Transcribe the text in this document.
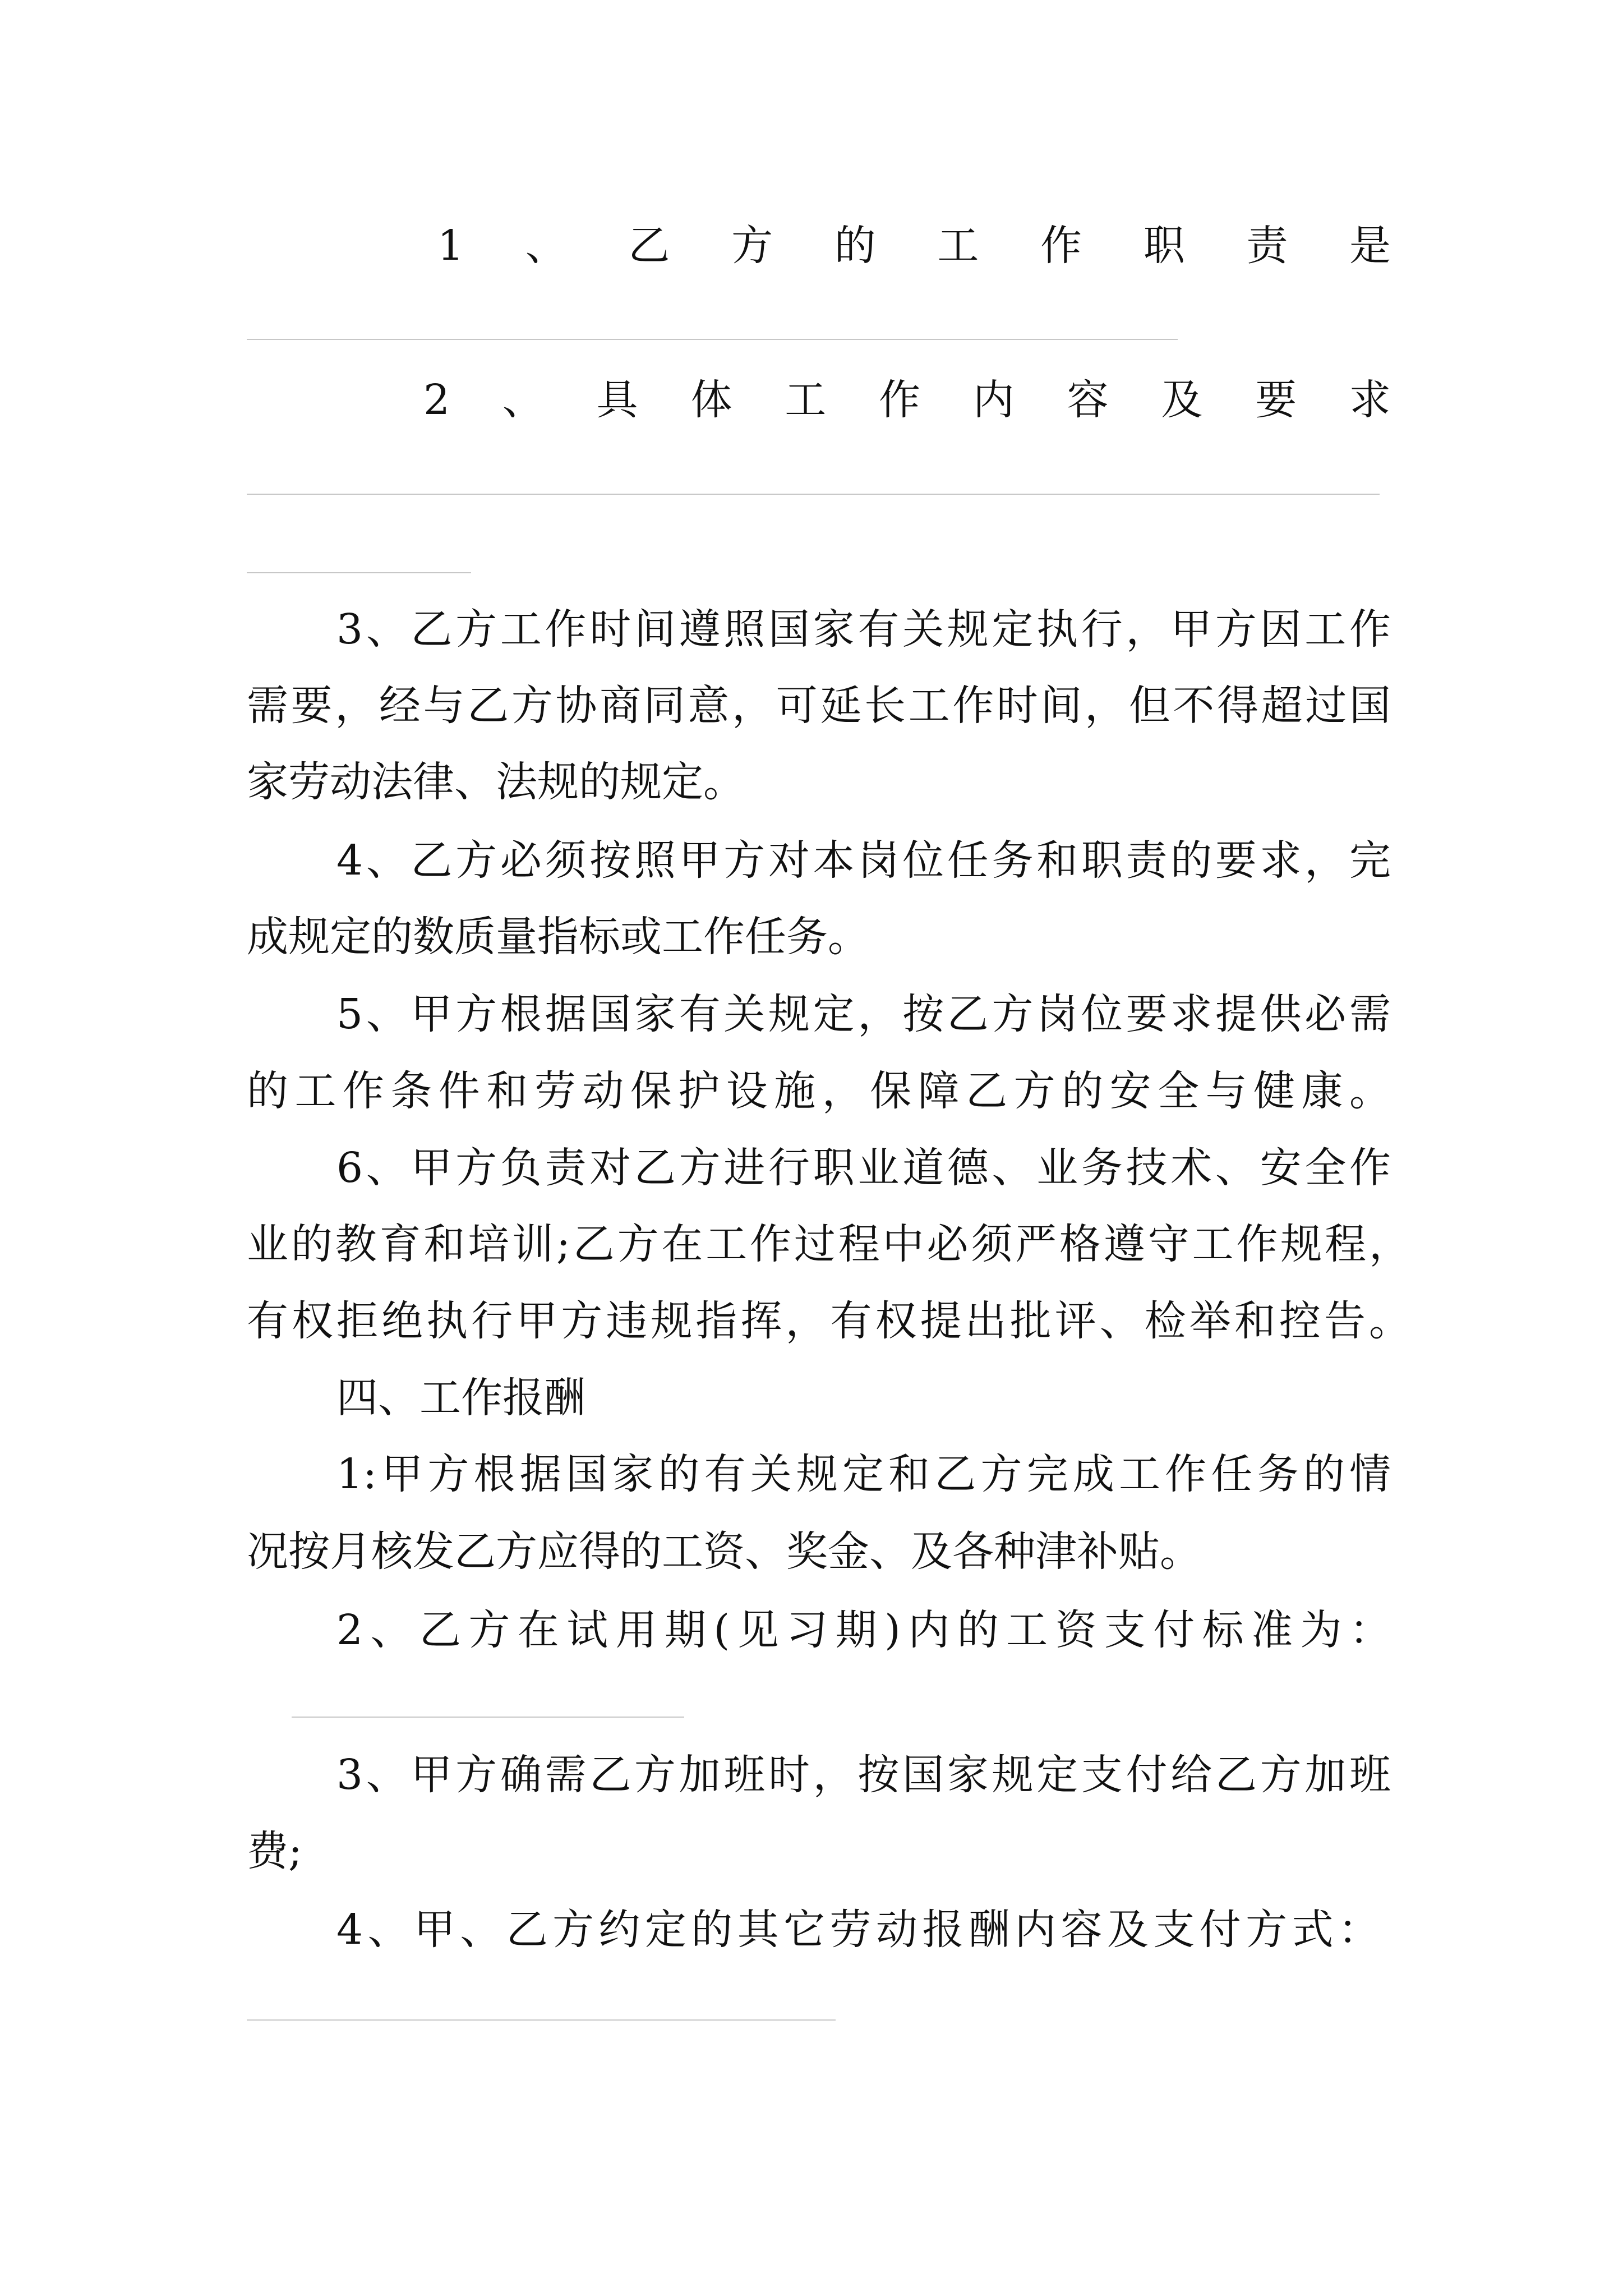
1 、 乙 方 的 工 作 职 责 是
2 、 具 体 工 作 内 容 及 要 求
3、乙方工作时间遵照国家有关规定执行，甲方因工作
需要，经与乙方协商同意，可延长工作时间，但不得超过国
家劳动法律、法规的规定。
4、乙方必须按照甲方对本岗位任务和职责的要求，完
成规定的数质量指标或工作任务。
5、甲方根据国家有关规定，按乙方岗位要求提供必需
的工作条件和劳动保护设施，保障乙方的安全与健康。
6、甲方负责对乙方进行职业道德、业务技术、安全作
业的教育和培训;乙方在工作过程中必须严格遵守工作规程，
有权拒绝执行甲方违规指挥，有权提出批评、检举和控告。
四、工作报酬
1:甲方根据国家的有关规定和乙方完成工作任务的情
况按月核发乙方应得的工资、奖金、及各种津补贴。
2、乙方在试用期(见习期)内的工资支付标准为：
3、甲方确需乙方加班时，按国家规定支付给乙方加班
费;
4、甲、乙方约定的其它劳动报酬内容及支付方式：
